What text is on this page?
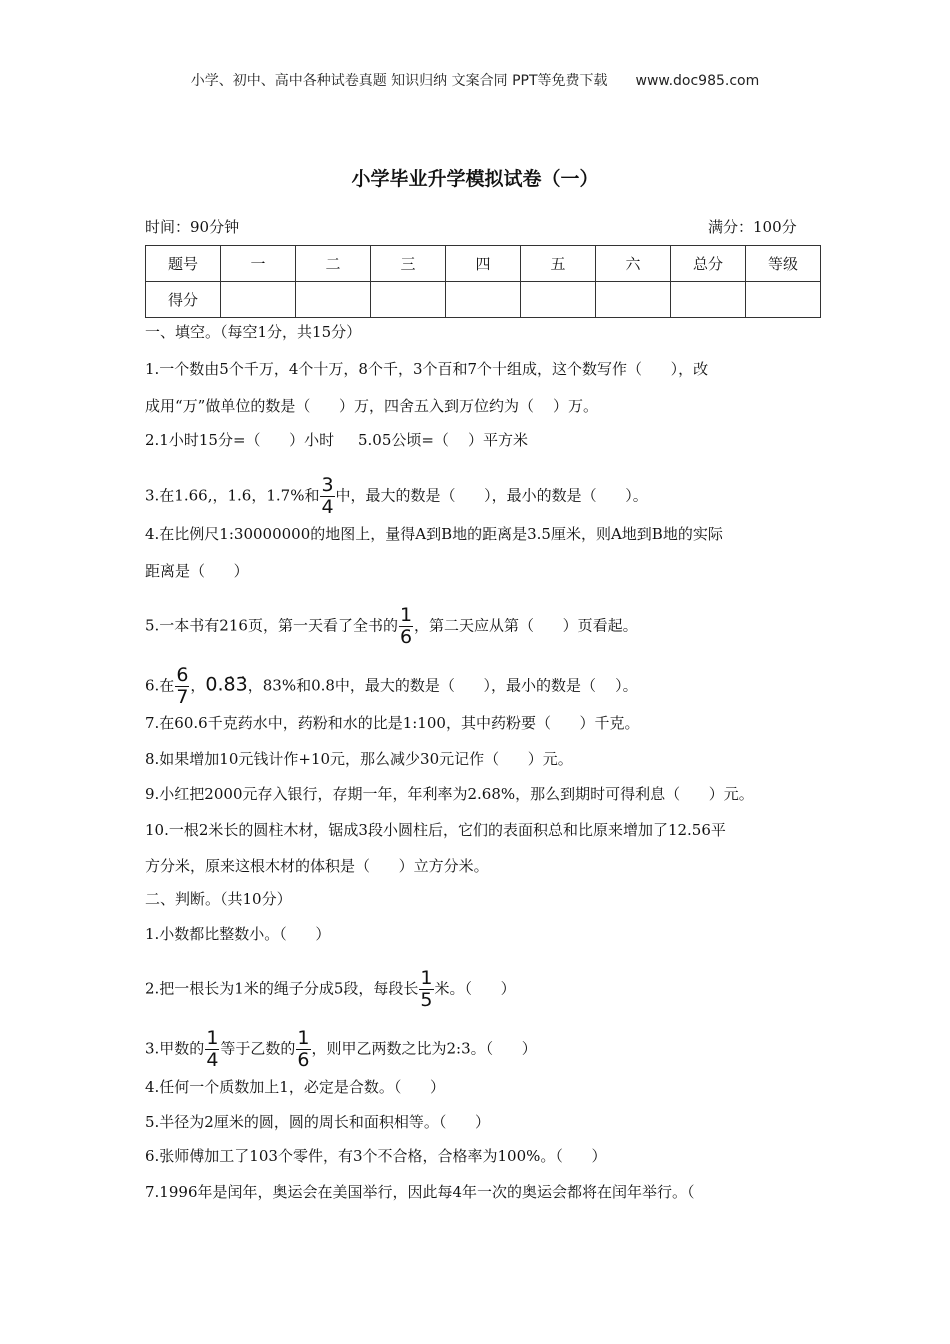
小学、初中、高中各种试卷真题 知识归纳 文案合同 PPT等免费下载 www.doc985.com
小学毕业升学模拟试卷（一）
时间：90分钟	满分：100分
题号	一	二	三	四	五	六	总分	等级
得分								
一、填空。（每空1分，共15分）
1.一个数由5个千万，4个十万，8个千，3个百和7个十组成，这个数写作（      ），改
成用“万”做单位的数是（      ）万，四舍五入到万位约为（    ）万。
2.1小时15分=（      ）小时     5.05公顷=（    ）平方米
3.在1.66,，1.6，1.7%和 $\frac{3}{4}$ 中，最大的数是（      ），最小的数是（      ）。
4.在比例尺1:30000000的地图上，量得A到B地的距离是3.5厘米，则A地到B地的实际
距离是（      ）
5.一本书有216页，第一天看了全书的 $\frac{1}{6}$ ，第二天应从第（      ）页看起。
6.在 $\frac{6}{7}$ ，0.8̇3̇，83%和0.8中，最大的数是（      ），最小的数是（    ）。
7.在60.6千克药水中，药粉和水的比是1:100，其中药粉要（      ）千克。
8.如果增加10元钱计作+10元，那么减少30元记作（      ）元。
9.小红把2000元存入银行，存期一年，年利率为2.68%，那么到期时可得利息（      ）元。
10.一根2米长的圆柱木材，锯成3段小圆柱后，它们的表面积总和比原来增加了12.56平
方分米，原来这根木材的体积是（      ）立方分米。
二、判断。（共10分）
1.小数都比整数小。（      ）
2.把一根长为1米的绳子分成5段，每段长 $\frac{1}{5}$ 米。（      ）
3.甲数的 $\frac{1}{4}$ 等于乙数的 $\frac{1}{6}$ ，则甲乙两数之比为2:3。（      ）
4.任何一个质数加上1，必定是合数。（      ）
5.半径为2厘米的圆，圆的周长和面积相等。（      ）
6.张师傅加工了103个零件，有3个不合格，合格率为100%。（      ）
7.1996年是闰年，奥运会在美国举行，因此每4年一次的奥运会都将在闰年举行。（
